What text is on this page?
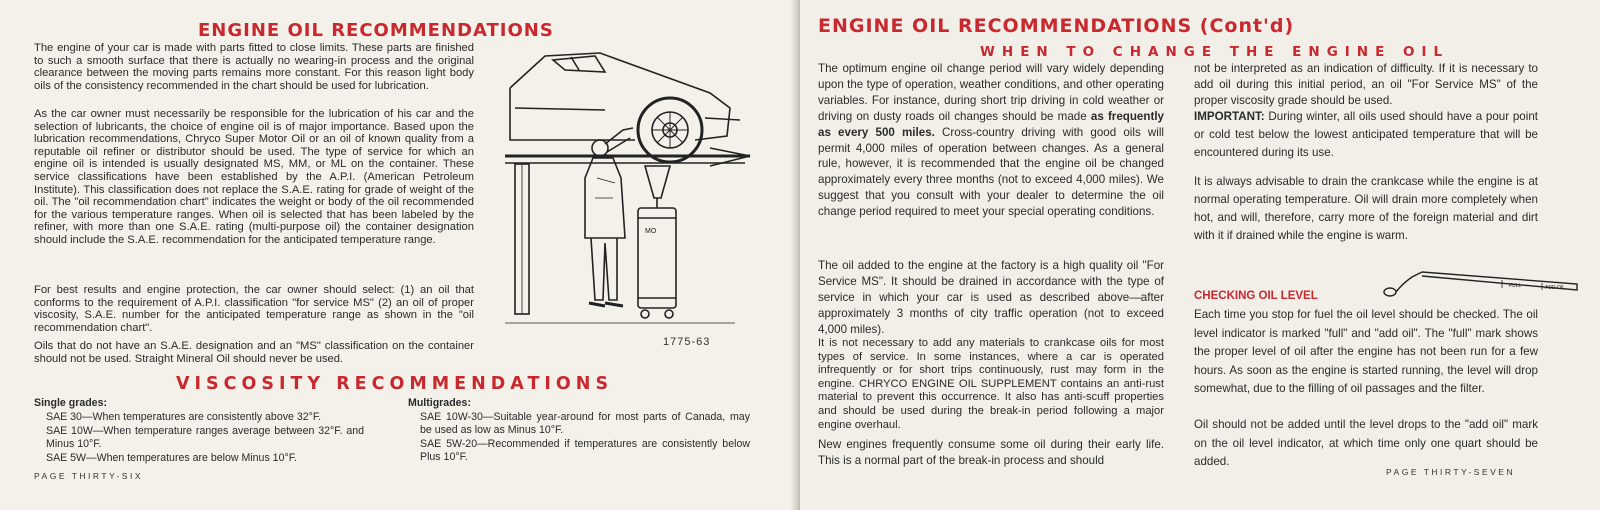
ENGINE OIL RECOMMENDATIONS
The engine of your car is made with parts fitted to close limits. These parts are finished to such a smooth surface that there is actually no wearing-in process and the original clearance between the moving parts remains more constant. For this reason light body oils of the consistency recommended in the chart should be used for lubrication.
As the car owner must necessarily be responsible for the lubrication of his car and the selection of lubricants, the choice of engine oil is of major importance. Based upon the lubrication recommendations, Chryco Super Motor Oil or an oil of known quality from a reputable oil refiner or distributor should be used. The type of service for which an engine oil is intended is usually designated MS, MM, or ML on the container. These service classifications have been established by the A.P.I. (American Petroleum Institute). This classification does not replace the S.A.E. rating for grade of weight of the oil. The "oil recommendation chart" indicates the weight or body of the oil recommended for the various temperature ranges. When oil is selected that has been labeled by the refiner, with more than one S.A.E. rating (multi-purpose oil) the container designation should include the S.A.E. recommendation for the anticipated temperature range.
For best results and engine protection, the car owner should select: (1) an oil that conforms to the requirement of A.P.I. classification "for service MS" (2) an oil of proper viscosity, S.A.E. number for the anticipated temperature range as shown in the "oil recommendation chart".
Oils that do not have an S.A.E. designation and an "MS" classification on the container should not be used. Straight Mineral Oil should never be used.
MO
1775-63
VISCOSITY RECOMMENDATIONS
Single grades:
SAE 30—When temperatures are consistently above 32°F.
SAE 10W—When temperature ranges average between 32°F. and Minus 10°F.
SAE 5W—When temperatures are below Minus 10°F.
Multigrades:
SAE 10W-30—Suitable year-around for most parts of Canada, may be used as low as Minus 10°F.
SAE 5W-20—Recommended if temperatures are consistently below Plus 10°F.
PAGE THIRTY-SIX
ENGINE OIL RECOMMENDATIONS (Cont'd)
WHEN TO CHANGE THE ENGINE OIL
The optimum engine oil change period will vary widely depending upon the type of operation, weather conditions, and other operating variables. For instance, during short trip driving in cold weather or driving on dusty roads oil changes should be made as frequently as every 500 miles. Cross-country driving with good oils will permit 4,000 miles of operation between changes. As a general rule, however, it is recommended that the engine oil be changed approximately every three months (not to exceed 4,000 miles). We suggest that you consult with your dealer to determine the oil change period required to meet your special operating conditions.
The oil added to the engine at the factory is a high quality oil "For Service MS". It should be drained in accordance with the type of service in which your car is used as described above—after approximately 3 months of city traffic operation (not to exceed 4,000 miles).
It is not necessary to add any materials to crankcase oils for most types of service. In some instances, where a car is operated infrequently or for short trips continuously, rust may form in the engine. CHRYCO ENGINE OIL SUPPLEMENT contains an anti-rust material to prevent this occurrence. It also has anti-scuff properties and should be used during the break-in period following a major engine overhaul.
New engines frequently consume some oil during their early life. This is a normal part of the break-in process and should
not be interpreted as an indication of difficulty. If it is necessary to add oil during this initial period, an oil "For Service MS" of the proper viscosity grade should be used.
IMPORTANT: During winter, all oils used should have a pour point or cold test below the lowest anticipated temperature that will be encountered during its use.
It is always advisable to drain the crankcase while the engine is at normal operating temperature. Oil will drain more completely when hot, and will, therefore, carry more of the foreign material and dirt with it if drained while the engine is warm.
CHECKING OIL LEVEL
FULL	ADD OIL
Each time you stop for fuel the oil level should be checked. The oil level indicator is marked "full" and "add oil". The "full" mark shows the proper level of oil after the engine has not been run for a few hours. As soon as the engine is started running, the level will drop somewhat, due to the filling of oil passages and the filter.
Oil should not be added until the level drops to the "add oil" mark on the oil level indicator, at which time only one quart should be added.
PAGE THIRTY-SEVEN
